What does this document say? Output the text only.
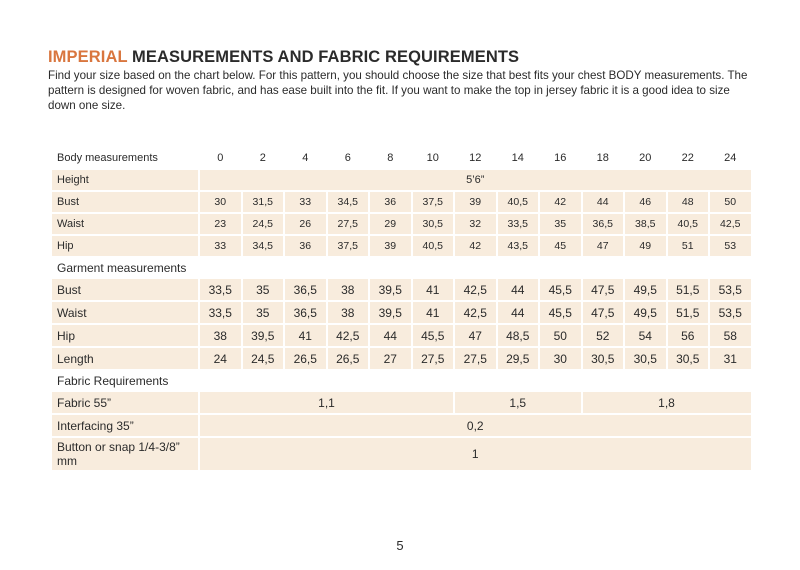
IMPERIAL MEASUREMENTS AND FABRIC REQUIREMENTS
Find your size based on the chart below. For this pattern, you should choose the size that best fits your chest BODY measurements. The pattern is designed for woven fabric, and has ease built into the fit. If you want to make the top in jersey fabric it is a good idea to size down one size.
Body measurements	0	2	4	6	8	10	12	14	16	18	20	22	24
Height	5’6”												
Bust	30	31,5	33	34,5	36	37,5	39	40,5	42	44	46	48	50
Waist	23	24,5	26	27,5	29	30,5	32	33,5	35	36,5	38,5	40,5	42,5
Hip	33	34,5	36	37,5	39	40,5	42	43,5	45	47	49	51	53
Garment measurements													
Bust	33,5	35	36,5	38	39,5	41	42,5	44	45,5	47,5	49,5	51,5	53,5
Waist	33,5	35	36,5	38	39,5	41	42,5	44	45,5	47,5	49,5	51,5	53,5
Hip	38	39,5	41	42,5	44	45,5	47	48,5	50	52	54	56	58
Length	24	24,5	26,5	26,5	27	27,5	27,5	29,5	30	30,5	30,5	30,5	31
Fabric Requirements													
Fabric 55”	1,1						1,5			1,8			
Interfacing 35”	0,2												
Button or snap 1/4-3/8” mm	1												
5
